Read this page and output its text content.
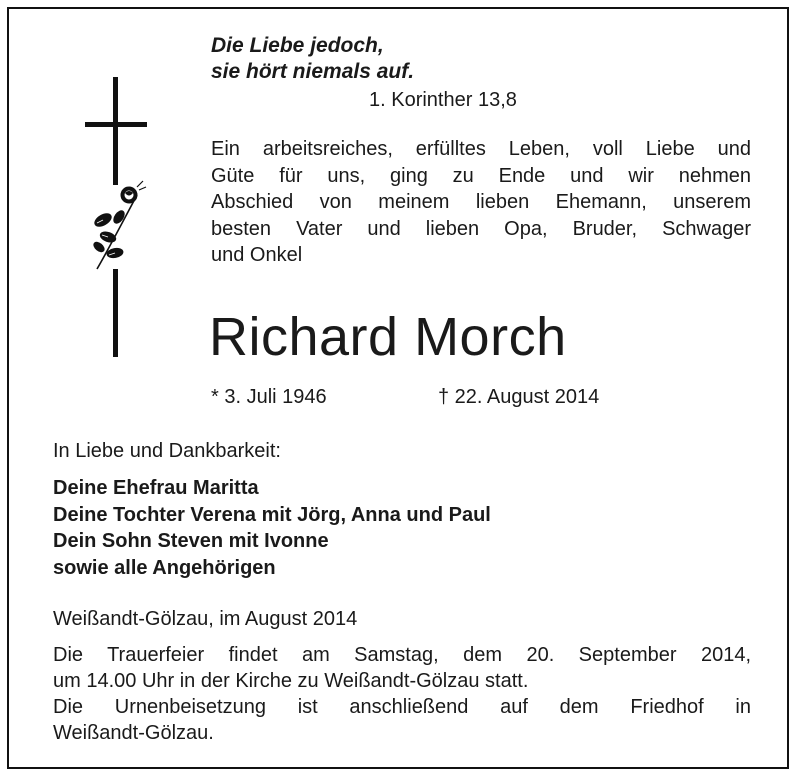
Die Liebe jedoch,
sie hört niemals auf.
1. Korinther 13,8
Ein arbeitsreiches, erfülltes Leben, voll Liebe und
Güte für uns, ging zu Ende und wir nehmen
Abschied von meinem lieben Ehemann, unserem
besten Vater und lieben Opa, Bruder, Schwager
und Onkel
Richard Morch
* 3. Juli 1946	† 22. August 2014
In Liebe und Dankbarkeit:
Deine Ehefrau Maritta
Deine Tochter Verena mit Jörg, Anna und Paul
Dein Sohn Steven mit Ivonne
sowie alle Angehörigen
Weißandt-Gölzau, im August 2014
Die Trauerfeier findet am Samstag, dem 20. September 2014,
um 14.00 Uhr in der Kirche zu Weißandt-Gölzau statt.
Die Urnenbeisetzung ist anschließend auf dem Friedhof in
Weißandt-Gölzau.
